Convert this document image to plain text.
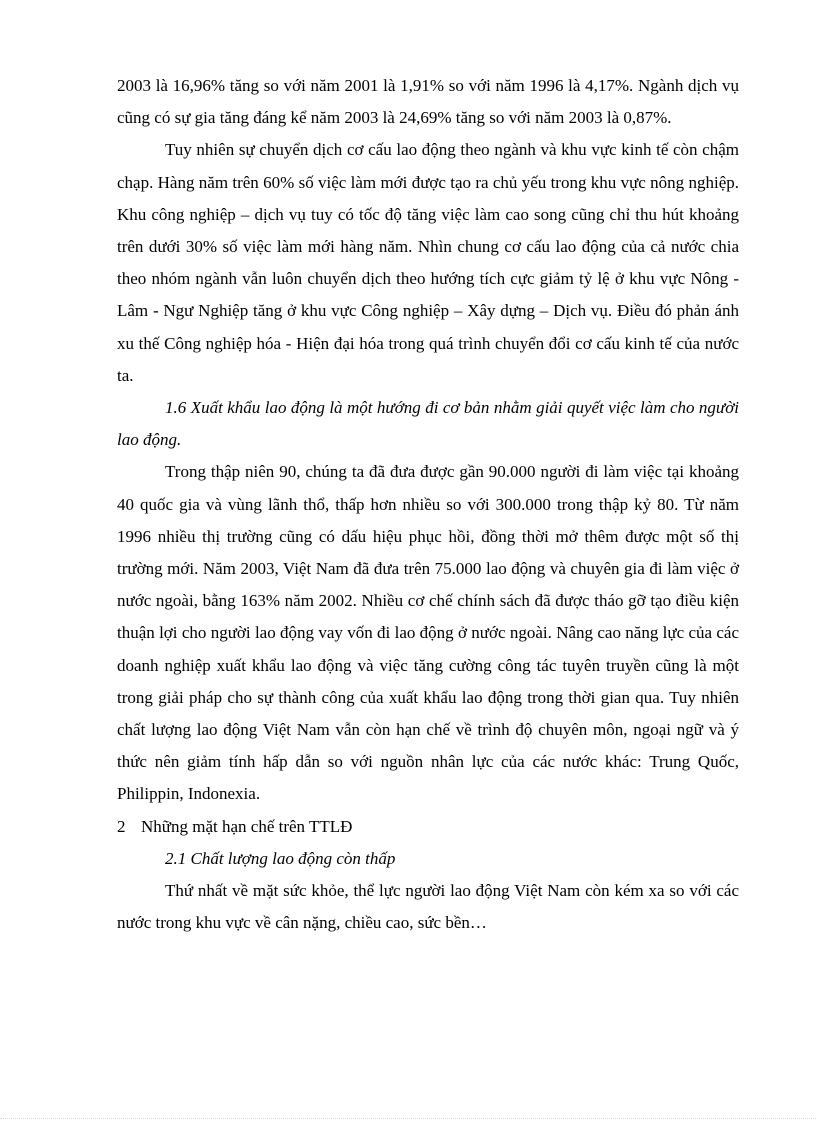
2003 là 16,96% tăng so với năm 2001 là 1,91% so với năm 1996 là 4,17%. Ngành dịch vụ cũng có sự gia tăng đáng kể năm 2003 là 24,69% tăng so với năm 2003 là 0,87%.

Tuy nhiên sự chuyển dịch cơ cấu lao động theo ngành và khu vực kinh tế còn chậm chạp. Hàng năm trên 60% số việc làm mới được tạo ra chủ yếu trong khu vực nông nghiệp. Khu công nghiệp – dịch vụ tuy có tốc độ tăng việc làm cao song cũng chỉ thu hút khoảng trên dưới 30% số việc làm mới hàng năm. Nhìn chung cơ cấu lao động của cả nước chia theo nhóm ngành vẫn luôn chuyển dịch theo hướng tích cực giảm tỷ lệ ở khu vực Nông - Lâm - Ngư Nghiệp tăng ở khu vực Công nghiệp – Xây dựng – Dịch vụ. Điều đó phản ánh xu thế Công nghiệp hóa - Hiện đại hóa trong quá trình chuyển đổi cơ cấu kinh tế của nước ta.

1.6 Xuất khẩu lao động là một hướng đi cơ bản nhằm giải quyết việc làm cho người lao động.

Trong thập niên 90, chúng ta đã đưa được gần 90.000 người đi làm việc tại khoảng 40 quốc gia và vùng lãnh thổ, thấp hơn nhiều so với 300.000 trong thập kỷ 80. Từ năm 1996 nhiều thị trường cũng có dấu hiệu phục hồi, đồng thời mở thêm được một số thị trường mới. Năm 2003, Việt Nam đã đưa trên 75.000 lao động và chuyên gia đi làm việc ở nước ngoài, bằng 163% năm 2002. Nhiều cơ chế chính sách đã được tháo gỡ tạo điều kiện thuận lợi cho người lao động vay vốn đi lao động ở nước ngoài. Nâng cao năng lực của các doanh nghiệp xuất khẩu lao động và việc tăng cường công tác tuyên truyền cũng là một trong giải pháp cho sự thành công của xuất khẩu lao động trong thời gian qua. Tuy nhiên chất lượng lao động Việt Nam vẫn còn hạn chế về trình độ chuyên môn, ngoại ngữ và ý thức nên giảm tính hấp dẫn so với nguồn nhân lực của các nước khác: Trung Quốc, Philippin, Indonexia.

2 Những mặt hạn chế trên TTLĐ

2.1 Chất lượng lao động còn thấp

Thứ nhất về mặt sức khỏe, thể lực người lao động Việt Nam còn kém xa so với các nước trong khu vực về cân nặng, chiều cao, sức bền…
